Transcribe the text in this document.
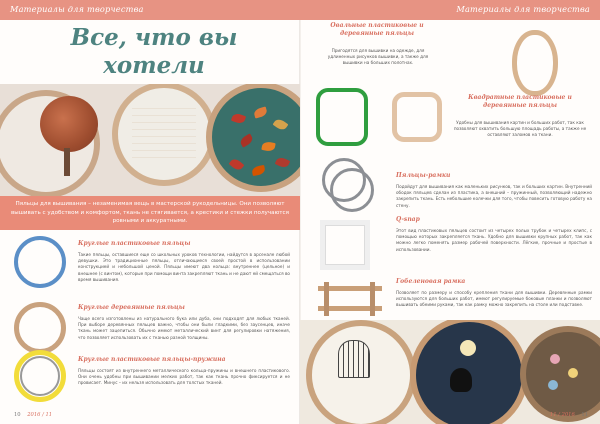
Материалы для творчества	Материалы для творчества
Все, что вы хотели
Пяльцы для вышивания – незаменимая вещь в мастерской рукодельницы. Они позволяют вышивать с удобством и комфортом, ткань не стягивается, а крестики и стежки получаются ровными и аккуратными.
Круглые пластиковые пяльцы
Такие пяльцы, оставшиеся еще со школьных уроков технологии, найдутся в арсенале любой девушки. Это традиционные пяльцы, отличающиеся своей простой в использовании конструкцией и небольшой ценой. Пяльцы имеют два кольца: внутреннее (цельное) и внешнее (с винтом), которые при помощи винта закрепляют ткань и не дают ей смещаться во время вышивания.
Круглые деревянные пяльцы
Чаще всего изготовлены из натурального бука или дуба, они подходят для любых тканей. При выборе деревянных пяльцев важно, чтобы они были гладкими, без заусенцев, иначе ткань может зацепиться. Обычно имеют металлический винт для регулировки натяжения, что позволяет использовать их с тканью разной толщины.
Круглые пластиковые пяльцы-пружина
Пяльцы состоят из внутреннего металлического кольца-пружины и внешнего пластикового. Они очень удобны при вышивании мелких работ, так как ткань прочно фиксируется и не провисает. Минус – их нельзя использовать для толстых тканей.
Овальные пластиковые и деревянные пяльцы
Пригодятся для вышивки на одежде, для удлиненных рисунков вышивки, а также для вышивки на больших полотнах.
Квадратные пластиковые и деревянные пяльцы
Удобны для вышивания картин и больших работ, так как позволяют охватить большую площадь работы, а также не оставляют заломов на ткани.
Пяльцы-рамки
Подойдут для вышивания как маленьких рисунков, так и больших картин. Внутренний ободок пяльцев сделан из пластика, а внешний – пружинный, позволяющий надежно закрепить ткань. Есть небольшие колечки для того, чтобы повесить готовую работу на стену.
Q-snap
Этот вид пластиковых пяльцев состоит из четырех полых трубок и четырех клипс, с помощью которых закрепляется ткань. Удобно для вышивки крупных работ, так как можно легко поменять размер рабочей поверхности. Лёгкие, прочные и простые в использовании.
Гобеленовая рамка
Позволяет по размеру и способу крепления ткани для вышивки. Деревянные рамки используются для больших работ, имеют регулируемые боковые планки и позволяют вышивать обеими руками, так как рамку можно закрепить на столе или подставке.
10 2016 / 11	11 / 2016 11
